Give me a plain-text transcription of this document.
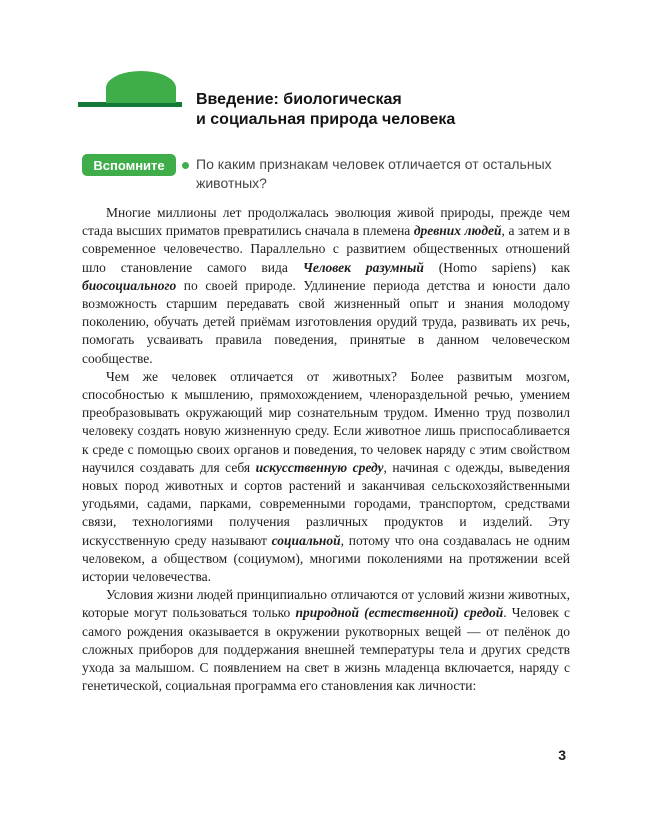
Введение: биологическая
и социальная природа человека
Вспомните	По каким признакам человек отличается от остальных животных?

Многие миллионы лет продолжалась эволюция живой природы, прежде чем стада высших приматов превратились сначала в племена древних людей, а затем и в современное человечество. Параллельно с развитием общественных отношений шло становление самого вида Человек разумный (Homo sapiens) как биосоциального по своей природе. Удлинение периода детства и юности дало возможность старшим передавать свой жизненный опыт и знания молодому поколению, обучать детей приёмам изготовления орудий труда, развивать их речь, помогать усваивать правила поведения, принятые в данном человеческом сообществе.

Чем же человек отличается от животных? Более развитым мозгом, способностью к мышлению, прямохождением, членораздельной речью, умением преобразовывать окружающий мир сознательным трудом. Именно труд позволил человеку создать новую жизненную среду. Если животное лишь приспосабливается к среде с помощью своих органов и поведения, то человек наряду с этим свойством научился создавать для себя искусственную среду, начиная с одежды, выведения новых пород животных и сортов растений и заканчивая сельскохозяйственными угодьями, садами, парками, современными городами, транспортом, средствами связи, технологиями получения различных продуктов и изделий. Эту искусственную среду называют социальной, потому что она создавалась не одним человеком, а обществом (социумом), многими поколениями на протяжении всей истории человечества.

Условия жизни людей принципиально отличаются от условий жизни животных, которые могут пользоваться только природной (естественной) средой. Человек с самого рождения оказывается в окружении рукотворных вещей — от пелёнок до сложных приборов для поддержания внешней температуры тела и других средств ухода за малышом. С появлением на свет в жизнь младенца включается, наряду с генетической, социальная программа его становления как личности:

3
